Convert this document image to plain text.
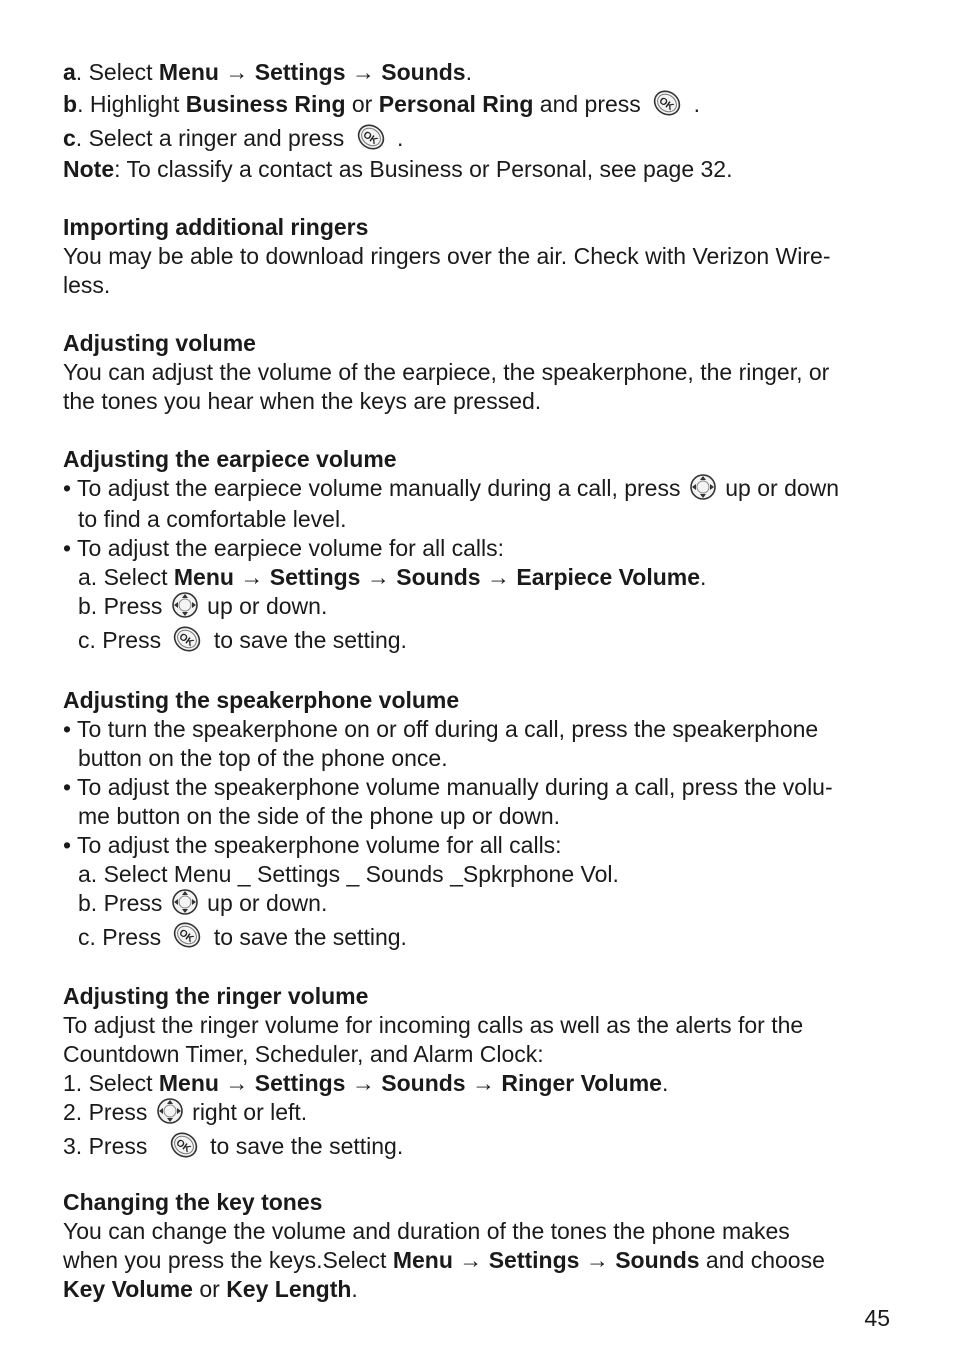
a. Select Menu → Settings → Sounds.

b. Highlight Business Ring or Personal Ring and press  .

c. Select a ringer and press  .

Note: To classify a contact as Business or Personal, see page 32.

Importing additional ringers

You may be able to download ringers over the air. Check with Verizon Wire-

less.

Adjusting volume

You can adjust the volume of the earpiece, the speakerphone, the ringer, or

the tones you hear when the keys are pressed.

Adjusting the earpiece volume

• To adjust the earpiece volume manually during a call, press  up or down

to find a comfortable level.

• To adjust the earpiece volume for all calls:

a. Select Menu → Settings → Sounds → Earpiece Volume.

b. Press  up or down.

c. Press  to save the setting.

Adjusting the speakerphone volume

• To turn the speakerphone on or off during a call, press the speakerphone

button on the top of the phone once.

• To adjust the speakerphone volume manually during a call, press the volu-

me button on the side of the phone up or down.

• To adjust the speakerphone volume for all calls:

a. Select Menu _ Settings _ Sounds _Spkrphone Vol.

b. Press  up or down.

c. Press  to save the setting.

Adjusting the ringer volume

To adjust the ringer volume for incoming calls as well as the alerts for the

Countdown Timer, Scheduler, and Alarm Clock:

1. Select Menu → Settings → Sounds → Ringer Volume.

2. Press  right or left.

3. Press  to save the setting.

Changing the key tones

You can change the volume and duration of the tones the phone makes

when you press the keys.Select Menu → Settings → Sounds and choose

Key Volume or Key Length.

45
